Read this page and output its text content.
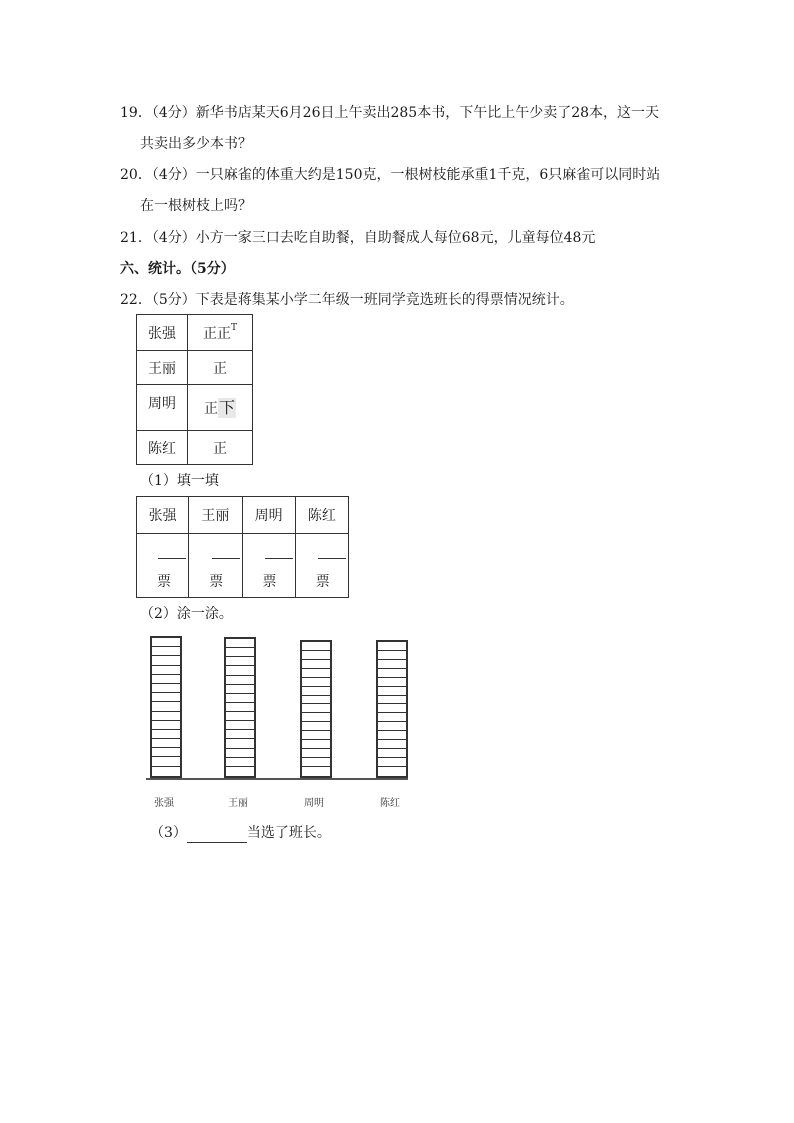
19．（4分）新华书店某天6月26日上午卖出285本书，下午比上午少卖了28本，这一天
共卖出多少本书？
20．（4分）一只麻雀的体重大约是150克，一根树枝能承重1千克，6只麻雀可以同时站
在一根树枝上吗？
21．（4分）小方一家三口去吃自助餐，自助餐成人每位68元，儿童每位48元
六、统计。（5分）
22．（5分）下表是蒋集某小学二年级一班同学竞选班长的得票情况统计。
张强	正正$^T$
王丽	正
周明	正下
陈红	正
（1）填一填
张强	王丽	周明	陈红

票	票	票	票
（2）涂一涂。
张强	王丽	周明	陈红
（3）	当选了班长。
